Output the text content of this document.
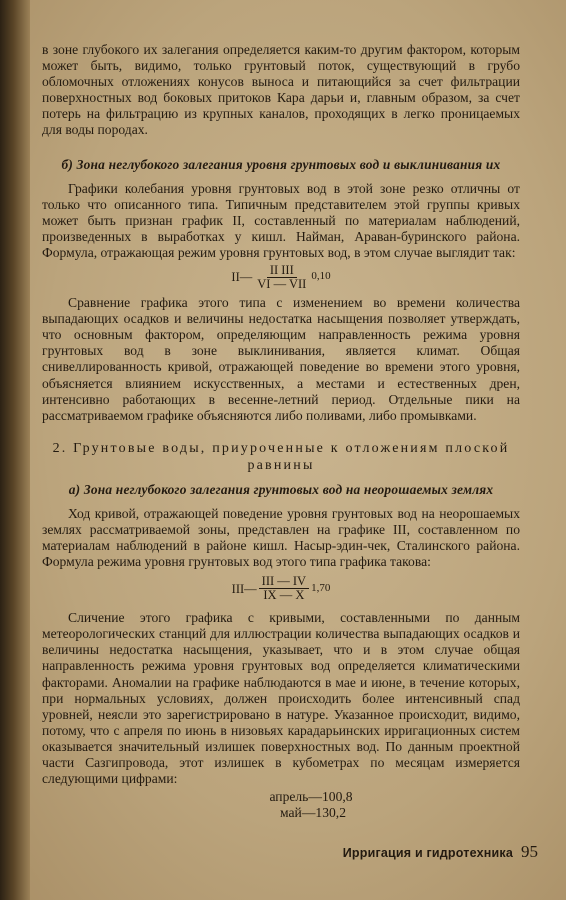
в зоне глубокого их залегания определяется каким-то другим фактором, которым может быть, видимо, только грунтовый поток, существующий в грубо обломочных отложениях конусов выноса и питающийся за счет фильтрации поверхностных вод боковых притоков Кара дарьи и, главным образом, за счет потерь на фильтрацию из крупных каналов, проходящих в легко проницаемых для воды породах.

б) Зона неглубокого залегания уровня грунтовых вод и выклинивания их

Графики колебания уровня грунтовых вод в этой зоне резко отличны от только что описанного типа. Типичным представителем этой группы кривых может быть признан график II, составленный по материалам наблюдений, произведенных в выработках у кишл. Найман, Араван-буринского района. Формула, отражающая режим уровня грунтовых вод, в этом случае выглядит так:

II— $\frac{\text{II III}}{\text{VI — VII}} 0,10$

Сравнение графика этого типа с изменением во времени количества выпадающих осадков и величины недостатка насыщения позволяет утверждать, что основным фактором, определяющим направленность режима уровня грунтовых вод в зоне выклинивания, является климат. Общая снивеллированность кривой, отражающей поведение во времени этого уровня, объясняется влиянием искусственных, а местами и естественных дрен, интенсивно работающих в весенне-летний период. Отдельные пики на рассматриваемом графике объясняются либо поливами, либо промывками.

2. Грунтовые воды, приуроченные к отложениям плоской равнины
а) Зона неглубокого залегания грунтовых вод на неорошаемых землях

Ход кривой, отражающей поведение уровня грунтовых вод на неорошаемых землях рассматриваемой зоны, представлен на графике III, составленном по материалам наблюдений в районе кишл. Насыр-эдин-чек, Сталинского района. Формула режима уровня грунтовых вод этого типа графика такова:

III— $\frac{\text{III — IV}}{IX — X} 1,70$

Сличение этого графика с кривыми, составленными по данным метеорологических станций для иллюстрации количества выпадающих осадков и величины недостатка насыщения, указывает, что и в этом случае общая направленность режима уровня грунтовых вод определяется климатическими факторами. Аномалии на графике наблюдаются в мае и июне, в течение которых, при нормальных условиях, должен происходить более интенсивный спад уровней, неясли это зарегистрировано в натуре. Указанное происходит, видимо, потому, что с апреля по июнь в низовьях карадарьинских ирригационных систем оказывается значительный излишек поверхностных вод. По данным проектной части Сазгипровода, этот излишек в кубометрах по месяцам измеряется следующими цифрами:

апрель—100,8
май—130,2
Ирригация и гидротехника 95
